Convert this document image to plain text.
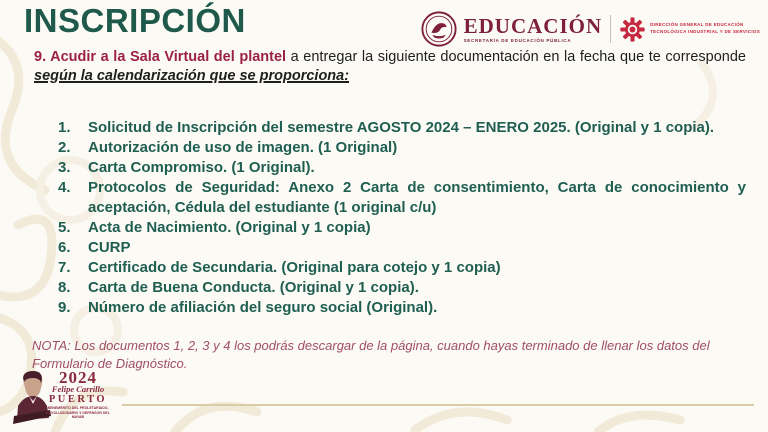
INSCRIPCIÓN	EDUCACIÓN
SECRETARÍA DE EDUCACIÓN PÚBLICA
DIRECCIÓN GENERAL DE EDUCACIÓN
TECNOLÓGICA INDUSTRIAL Y DE SERVICIOS

9. Acudir a la Sala Virtual del plantel a entregar la siguiente documentación en la fecha que te corresponde según la calendarización que se proporciona:

1.	Solicitud de Inscripción del semestre AGOSTO 2024 – ENERO 2025. (Original y 1 copia).
2.	Autorización de uso de imagen. (1 Original)
3.	Carta Compromiso. (1 Original).
4.	Protocolos de Seguridad: Anexo 2 Carta de consentimiento, Carta de conocimiento y aceptación, Cédula del estudiante (1 original c/u)
5.	Acta de Nacimiento. (Original y 1 copia)
6.	CURP
7.	Certificado de Secundaria. (Original para cotejo y 1 copia)
8.	Carta de Buena Conducta. (Original y 1 copia).
9.	Número de afiliación del seguro social (Original).

NOTA: Los documentos 1, 2, 3 y 4 los podrás descargar de la página, cuando hayas terminado de llenar los datos del Formulario de Diagnóstico.

2024
Felipe Carrillo
PUERTO
BENEMÉRITO DEL PROLETARIADO, REVOLUCIONARIO Y DEFENSOR DEL MAYAB
